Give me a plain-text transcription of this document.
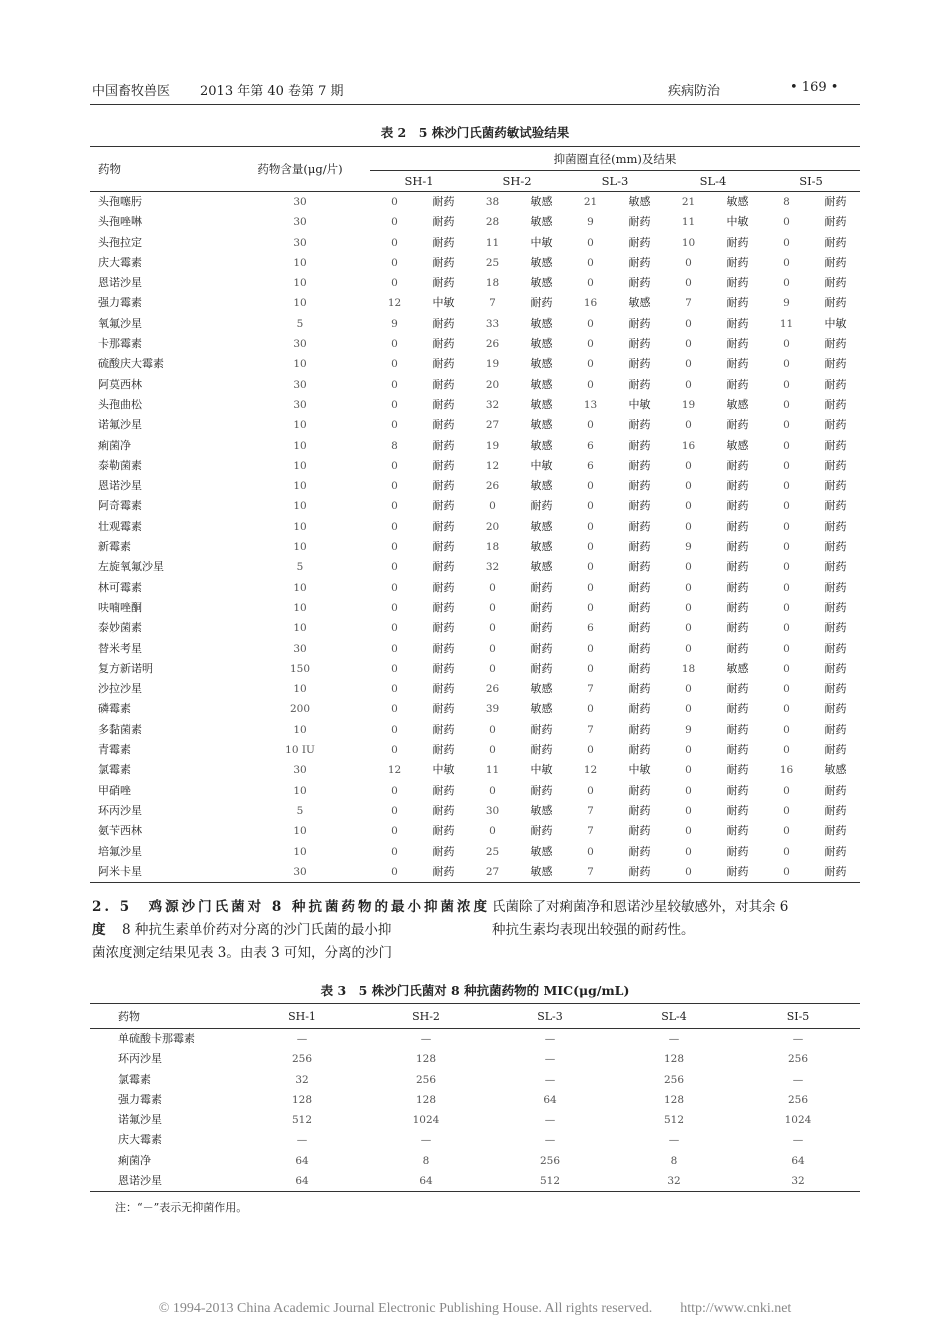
中国畜牧兽医 2013 年第 40 卷第 7 期	疾病防治	• 169 •
表 2　5 株沙门氏菌药敏试验结果
药物	药物含量(μg/片)	抑菌圈直径(mm)及结果									
		SH-1		SH-2		SL-3		SL-4		SI-5	
头孢噻肟	30	0	耐药	38	敏感	21	敏感	21	敏感	8	耐药
头孢唑啉	30	0	耐药	28	敏感	9	耐药	11	中敏	0	耐药
头孢拉定	30	0	耐药	11	中敏	0	耐药	10	耐药	0	耐药
庆大霉素	10	0	耐药	25	敏感	0	耐药	0	耐药	0	耐药
恩诺沙星	10	0	耐药	18	敏感	0	耐药	0	耐药	0	耐药
强力霉素	10	12	中敏	7	耐药	16	敏感	7	耐药	9	耐药
氧氟沙星	5	9	耐药	33	敏感	0	耐药	0	耐药	11	中敏
卡那霉素	30	0	耐药	26	敏感	0	耐药	0	耐药	0	耐药
硫酸庆大霉素	10	0	耐药	19	敏感	0	耐药	0	耐药	0	耐药
阿莫西林	30	0	耐药	20	敏感	0	耐药	0	耐药	0	耐药
头孢曲松	30	0	耐药	32	敏感	13	中敏	19	敏感	0	耐药
诺氟沙星	10	0	耐药	27	敏感	0	耐药	0	耐药	0	耐药
痢菌净	10	8	耐药	19	敏感	6	耐药	16	敏感	0	耐药
泰勒菌素	10	0	耐药	12	中敏	6	耐药	0	耐药	0	耐药
恩诺沙星	10	0	耐药	26	敏感	0	耐药	0	耐药	0	耐药
阿奇霉素	10	0	耐药	0	耐药	0	耐药	0	耐药	0	耐药
壮观霉素	10	0	耐药	20	敏感	0	耐药	0	耐药	0	耐药
新霉素	10	0	耐药	18	敏感	0	耐药	9	耐药	0	耐药
左旋氧氟沙星	5	0	耐药	32	敏感	0	耐药	0	耐药	0	耐药
林可霉素	10	0	耐药	0	耐药	0	耐药	0	耐药	0	耐药
呋喃唑酮	10	0	耐药	0	耐药	0	耐药	0	耐药	0	耐药
泰妙菌素	10	0	耐药	0	耐药	6	耐药	0	耐药	0	耐药
替米考星	30	0	耐药	0	耐药	0	耐药	0	耐药	0	耐药
复方新诺明	150	0	耐药	0	耐药	0	耐药	18	敏感	0	耐药
沙拉沙星	10	0	耐药	26	敏感	7	耐药	0	耐药	0	耐药
磷霉素	200	0	耐药	39	敏感	0	耐药	0	耐药	0	耐药
多黏菌素	10	0	耐药	0	耐药	7	耐药	9	耐药	0	耐药
青霉素	10 IU	0	耐药	0	耐药	0	耐药	0	耐药	0	耐药
氯霉素	30	12	中敏	11	中敏	12	中敏	0	耐药	16	敏感
甲硝唑	10	0	耐药	0	耐药	0	耐药	0	耐药	0	耐药
环丙沙星	5	0	耐药	30	敏感	7	耐药	0	耐药	0	耐药
氨苄西林	10	0	耐药	0	耐药	7	耐药	0	耐药	0	耐药
培氟沙星	10	0	耐药	25	敏感	0	耐药	0	耐药	0	耐药
阿米卡星	30	0	耐药	27	敏感	7	耐药	0	耐药	0	耐药
2. 5　鸡源沙门氏菌对 8 种抗菌药物的最小抑菌浓度
度　8 种抗生素单价药对分离的沙门氏菌的最小抑
菌浓度测定结果见表 3。由表 3 可知，分离的沙门
氏菌除了对痢菌净和恩诺沙星较敏感外，对其余 6
种抗生素均表现出较强的耐药性。
表 3　5 株沙门氏菌对 8 种抗菌药物的 MIC(μg/mL)
药物	SH-1	SH-2	SL-3	SL-4	SI-5
单硫酸卡那霉素	—	—	—	—	—
环丙沙星	256	128	—	128	256
氯霉素	32	256	—	256	—
强力霉素	128	128	64	128	256
诺氟沙星	512	1024	—	512	1024
庆大霉素	—	—	—	—	—
痢菌净	64	8	256	8	64
恩诺沙星	64	64	512	32	32
注：“－”表示无抑菌作用。
© 1994-2013 China Academic Journal Electronic Publishing House. All rights reserved.　　http://www.cnki.net
